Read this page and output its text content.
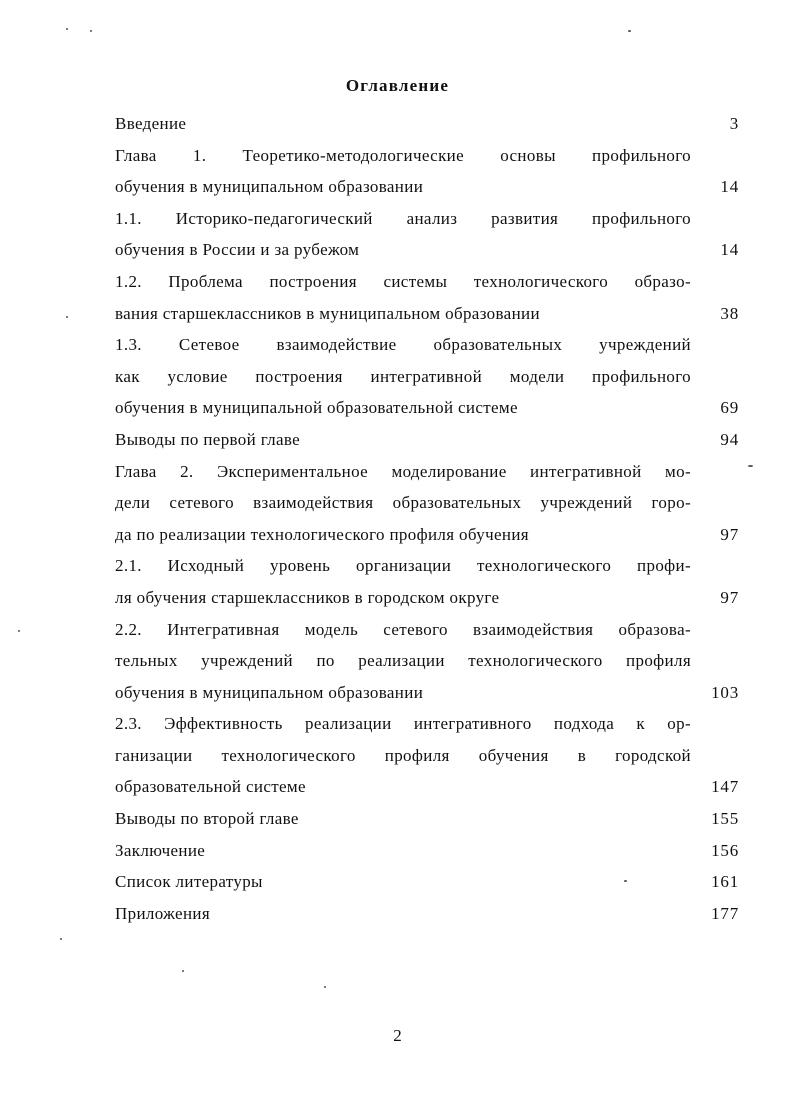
Оглавление
Введение	3
Глава 1. Теоретико-методологические основы профильного
обучения в муниципальном образовании	14
1.1. Историко-педагогический анализ развития профильного
обучения в России и за рубежом	14
1.2. Проблема построения системы технологического образо-
вания старшеклассников в муниципальном образовании	38
1.3. Сетевое взаимодействие образовательных учреждений
как условие построения интегративной модели профильного
обучения в муниципальной образовательной системе	69
Выводы по первой главе	94
Глава 2. Экспериментальное моделирование интегративной мо-
дели сетевого взаимодействия образовательных учреждений горо-
да по реализации технологического профиля обучения	97
2.1. Исходный уровень организации технологического профи-
ля обучения старшеклассников в городском округе	97
2.2. Интегративная модель сетевого взаимодействия образова-
тельных учреждений по реализации технологического профиля
обучения в муниципальном образовании	103
2.3. Эффективность реализации интегративного подхода к ор-
ганизации технологического профиля обучения в городской
образовательной системе	147
Выводы по второй главе	155
Заключение	156
Список литературы	161
Приложения	177
2
